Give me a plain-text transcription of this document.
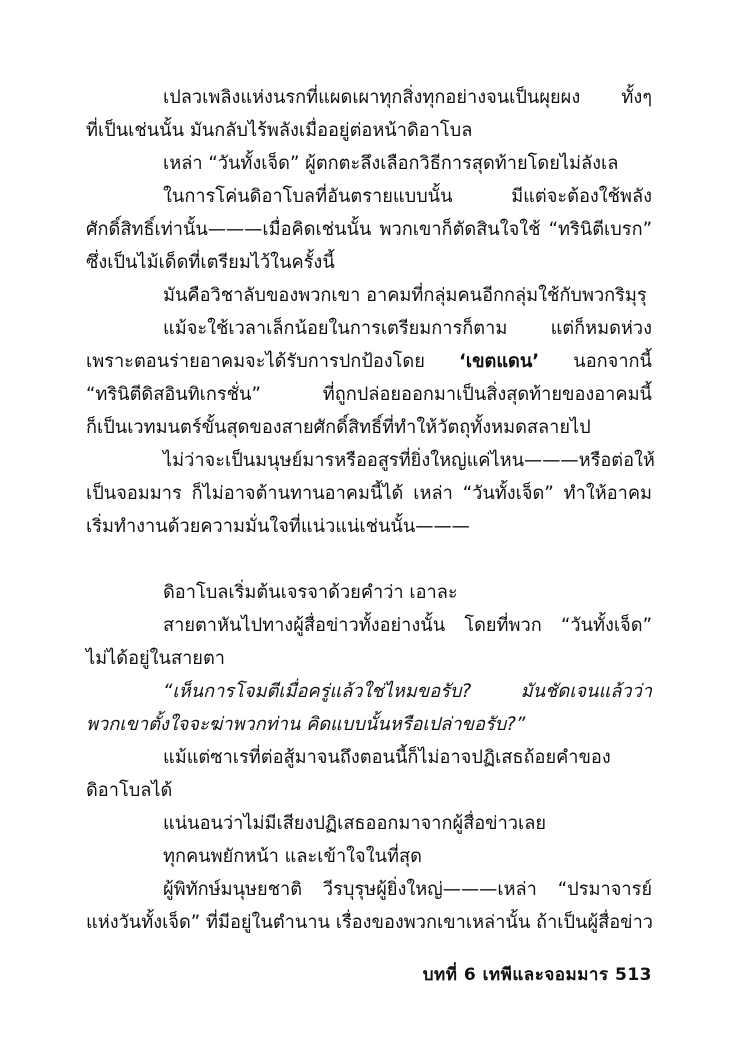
เปลวเพลิงแห่งนรกที่แผดเผาทุกสิ่งทุกอย่างจนเป็นผุยผง ทั้งๆ
ที่เป็นเช่นนั้น มันกลับไร้พลังเมื่ออยู่ต่อหน้าดิอาโบล
เหล่า “วันทั้งเจ็ด” ผู้ตกตะลึงเลือกวิธีการสุดท้ายโดยไม่ลังเล
ในการโค่นดิอาโบลที่อันตรายแบบนั้น มีแต่จะต้องใช้พลัง
ศักดิ์สิทธิ์เท่านั้น———เมื่อคิดเช่นนั้น พวกเขาก็ตัดสินใจใช้ “ทรินิตีเบรก”
ซึ่งเป็นไม้เด็ดที่เตรียมไว้ในครั้งนี้
มันคือวิชาลับของพวกเขา อาคมที่กลุ่มคนอีกกลุ่มใช้กับพวกริมุรุ
แม้จะใช้เวลาเล็กน้อยในการเตรียมการก็ตาม แต่ก็หมดห่วง
เพราะตอนร่ายอาคมจะได้รับการปกป้องโดย ‘เขตแดน’ นอกจากนี้
“ทรินิตีดิสอินทิเกรชั่น” ที่ถูกปล่อยออกมาเป็นสิ่งสุดท้ายของอาคมนี้
ก็เป็นเวทมนตร์ขั้นสุดของสายศักดิ์สิทธิ์ที่ทำให้วัตถุทั้งหมดสลายไป
ไม่ว่าจะเป็นมนุษย์มารหรืออสูรที่ยิ่งใหญ่แค่ไหน———หรือต่อให้
เป็นจอมมาร ก็ไม่อาจต้านทานอาคมนี้ได้ เหล่า “วันทั้งเจ็ด” ทำให้อาคม
เริ่มทำงานด้วยความมั่นใจที่แน่วแน่เช่นนั้น———
ดิอาโบลเริ่มต้นเจรจาด้วยคำว่า เอาละ
สายตาหันไปทางผู้สื่อข่าวทั้งอย่างนั้น โดยที่พวก “วันทั้งเจ็ด”
ไม่ได้อยู่ในสายตา
“เห็นการโจมตีเมื่อครู่แล้วใช่ไหมขอรับ? มันชัดเจนแล้วว่า
พวกเขาตั้งใจจะฆ่าพวกท่าน คิดแบบนั้นหรือเปล่าขอรับ?”
แม้แต่ซาเรที่ต่อสู้มาจนถึงตอนนี้ก็ไม่อาจปฏิเสธถ้อยคำของ
ดิอาโบลได้
แน่นอนว่าไม่มีเสียงปฏิเสธออกมาจากผู้สื่อข่าวเลย
ทุกคนพยักหน้า และเข้าใจในที่สุด
ผู้พิทักษ์มนุษยชาติ วีรบุรุษผู้ยิ่งใหญ่———เหล่า “ปรมาจารย์
แห่งวันทั้งเจ็ด” ที่มีอยู่ในตำนาน เรื่องของพวกเขาเหล่านั้น ถ้าเป็นผู้สื่อข่าว
บทที่ 6 เทพีและจอมมาร 513
